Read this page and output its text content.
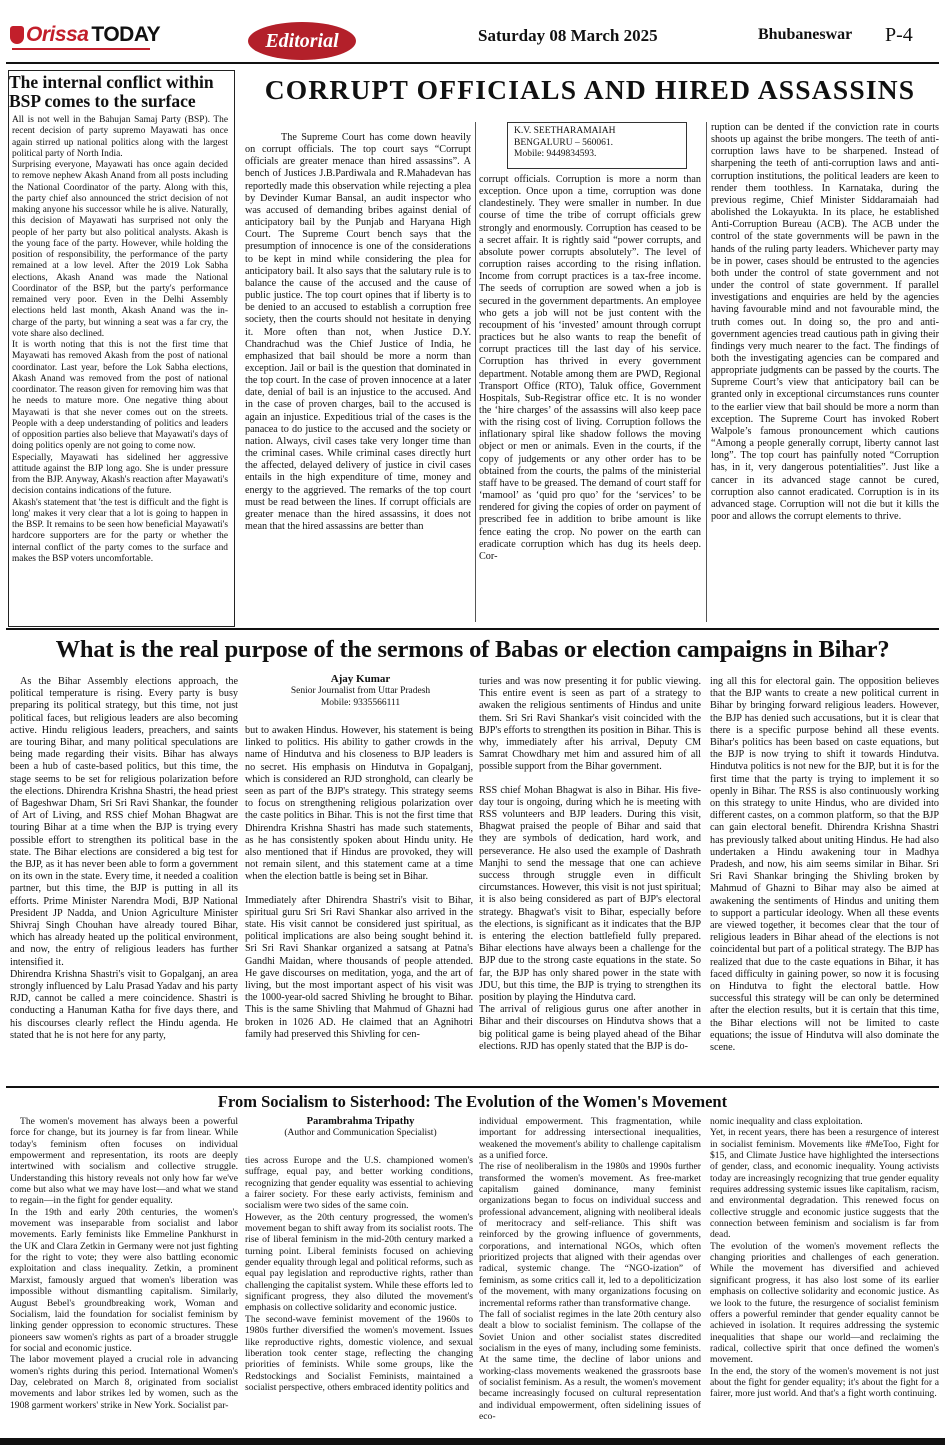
Orissa TODAY	Editorial	Saturday 08 March 2025	Bhubaneswar P-4
The internal conflict within BSP comes to the surface

All is not well in the Bahujan Samaj Party (BSP). The recent decision of party supremo Mayawati has once again stirred up national politics along with the largest political party of North India.

Surprising everyone, Mayawati has once again decided to remove nephew Akash Anand from all posts including the National Coordinator of the party. Along with this, the party chief also announced the strict decision of not making anyone his successor while he is alive. Naturally, this decision of Mayawati has surprised not only the people of her party but also political analysts. Akash is the young face of the party. However, while holding the position of responsibility, the performance of the party remained at a low level. After the 2019 Lok Sabha elections, Akash Anand was made the National Coordinator of the BSP, but the party's performance remained very poor. Even in the Delhi Assembly elections held last month, Akash Anand was the in-charge of the party, but winning a seat was a far cry, the vote share also declined.

It is worth noting that this is not the first time that Mayawati has removed Akash from the post of national coordinator. Last year, before the Lok Sabha elections, Akash Anand was removed from the post of national coordinator. The reason given for removing him was that he needs to mature more. One negative thing about Mayawati is that she never comes out on the streets. People with a deep understanding of politics and leaders of opposition parties also believe that Mayawati's days of doing politics openly are not going to come now.

Especially, Mayawati has sidelined her aggressive attitude against the BJP long ago. She is under pressure from the BJP. Anyway, Akash's reaction after Mayawati's decision contains indications of the future.

Akash's statement that 'the test is difficult and the fight is long' makes it very clear that a lot is going to happen in the BSP. It remains to be seen how beneficial Mayawati's hardcore supporters are for the party or whether the internal conflict of the party comes to the surface and makes the BSP voters uncomfortable.

CORRUPT OFFICIALS AND HIRED ASSASSINS
K.V. SEETHARAMAIAH
BENGALURU – 560061.
Mobile: 9449834593.

The Supreme Court has come down heavily on corrupt officials. The top court says “Corrupt officials are greater menace than hired assassins”. A bench of Justices J.B.Pardiwala and R.Mahadevan has reportedly made this observation while rejecting a plea by Devinder Kumar Bansal, an audit inspector who was accused of demanding bribes against denial of anticipatory bail by the Punjab and Haryana High Court. The Supreme Court bench says that the presumption of innocence is one of the considerations to be kept in mind while considering the plea for anticipatory bail. It also says that the salutary rule is to balance the cause of the accused and the cause of public justice. The top court opines that if liberty is to be denied to an accused to establish a corruption free society, then the courts should not hesitate in denying it. More often than not, when Justice D.Y. Chandrachud was the Chief Justice of India, he emphasized that bail should be more a norm than exception. Jail or bail is the question that dominated in the top court. In the case of proven innocence at a later date, denial of bail is an injustice to the accused. And in the case of proven charges, bail to the accused is again an injustice. Expeditious trial of the cases is the panacea to do justice to the accused and the society or nation. Always, civil cases take very longer time than the criminal cases. While criminal cases directly hurt the affected, delayed delivery of justice in civil cases entails in the high expenditure of time, money and energy to the aggrieved. The remarks of the top court must be read between the lines. If corrupt officials are greater menace than the hired assassins, it does not mean that the hired assassins are better than

corrupt officials. Corruption is more a norm than exception. Once upon a time, corruption was done clandestinely. They were smaller in number. In due course of time the tribe of corrupt officials grew strongly and enormously. Corruption has ceased to be a secret affair. It is rightly said “power corrupts, and absolute power corrupts absolutely”. The level of corruption raises according to the rising inflation. Income from corrupt practices is a tax-free income. The seeds of corruption are sowed when a job is secured in the government departments. An employee who gets a job will not be just content with the recoupment of his ‘invested’ amount through corrupt practices but he also wants to reap the benefit of corrupt practices till the last day of his service. Corruption has thrived in every government department. Notable among them are PWD, Regional Transport Office (RTO), Taluk office, Government Hospitals, Sub-Registrar office etc. It is no wonder the ‘hire charges’ of the assassins will also keep pace with the rising cost of living. Corruption follows the inflationary spiral like shadow follows the moving object or men or animals. Even in the courts, if the copy of judgements or any other order has to be obtained from the courts, the palms of the ministerial staff have to be greased. The demand of court staff for ‘mamool’ as ‘quid pro quo’ for the ‘services’ to be rendered for giving the copies of order on payment of prescribed fee in addition to bribe amount is like fence eating the crop. No power on the earth can eradicate corruption which has dug its heels deep. Cor-

ruption can be dented if the conviction rate in courts shoots up against the bribe mongers. The teeth of anti-corruption laws have to be sharpened. Instead of sharpening the teeth of anti-corruption laws and anti-corruption institutions, the political leaders are keen to render them toothless. In Karnataka, during the previous regime, Chief Minister Siddaramaiah had abolished the Lokayukta. In its place, he established Anti-Corruption Bureau (ACB). The ACB under the control of the state governments will be pawn in the hands of the ruling party leaders. Whichever party may be in power, cases should be entrusted to the agencies both under the control of state government and not under the control of state government. If parallel investigations and enquiries are held by the agencies having favourable mind and not favourable mind, the truth comes out. In doing so, the pro and anti-government agencies tread cautious path in giving their findings very much nearer to the fact. The findings of both the investigating agencies can be compared and appropriate judgments can be passed by the courts. The Supreme Court’s view that anticipatory bail can be granted only in exceptional circumstances runs counter to the earlier view that bail should be more a norm than exception. The Supreme Court has invoked Robert Walpole’s famous pronouncement which cautions “Among a people generally corrupt, liberty cannot last long”. The top court has painfully noted “Corruption has, in it, very dangerous potentialities”. Just like a cancer in its advanced stage cannot be cured, corruption also cannot eradicated. Corruption is in its advanced stage. Corruption will not die but it kills the poor and allows the corrupt elements to thrive.

What is the real purpose of the sermons of Babas or election campaigns in Bihar?
Ajay Kumar
Senior Journalist from Uttar Pradesh
Mobile: 9335566111

As the Bihar Assembly elections approach, the political temperature is rising. Every party is busy preparing its political strategy, but this time, not just political faces, but religious leaders are also becoming active. Hindu religious leaders, preachers, and saints are touring Bihar, and many political speculations are being made regarding their visits. Bihar has always been a hub of caste-based politics, but this time, the stage seems to be set for religious polarization before the elections. Dhirendra Krishna Shastri, the head priest of Bageshwar Dham, Sri Sri Ravi Shankar, the founder of Art of Living, and RSS chief Mohan Bhagwat are touring Bihar at a time when the BJP is trying every possible effort to strengthen its political base in the state. The Bihar elections are considered a big test for the BJP, as it has never been able to form a government on its own in the state. Every time, it needed a coalition partner, but this time, the BJP is putting in all its efforts. Prime Minister Narendra Modi, BJP National President JP Nadda, and Union Agriculture Minister Shivraj Singh Chouhan have already toured Bihar, which has already heated up the political environment, and now, the entry of religious leaders has further intensified it.

Dhirendra Krishna Shastri's visit to Gopalganj, an area strongly influenced by Lalu Prasad Yadav and his party RJD, cannot be called a mere coincidence. Shastri is conducting a Hanuman Katha for five days there, and his discourses clearly reflect the Hindu agenda. He stated that he is not here for any party,

but to awaken Hindus. However, his statement is being linked to politics. His ability to gather crowds in the name of Hindutva and his closeness to BJP leaders is no secret. His emphasis on Hindutva in Gopalganj, which is considered an RJD stronghold, can clearly be seen as part of the BJP's strategy. This strategy seems to focus on strengthening religious polarization over the caste politics in Bihar. This is not the first time that Dhirendra Krishna Shastri has made such statements, as he has consistently spoken about Hindu unity. He also mentioned that if Hindus are provoked, they will not remain silent, and this statement came at a time when the election battle is being set in Bihar.

Immediately after Dhirendra Shastri's visit to Bihar, spiritual guru Sri Sri Ravi Shankar also arrived in the state. His visit cannot be considered just spiritual, as political implications are also being sought behind it. Sri Sri Ravi Shankar organized a satsang at Patna's Gandhi Maidan, where thousands of people attended. He gave discourses on meditation, yoga, and the art of living, but the most important aspect of his visit was the 1000-year-old sacred Shivling he brought to Bihar. This is the same Shivling that Mahmud of Ghazni had broken in 1026 AD. He claimed that an Agnihotri family had preserved this Shivling for cen-

turies and was now presenting it for public viewing. This entire event is seen as part of a strategy to awaken the religious sentiments of Hindus and unite them. Sri Sri Ravi Shankar's visit coincided with the BJP's efforts to strengthen its position in Bihar. This is why, immediately after his arrival, Deputy CM Samrat Chowdhary met him and assured him of all possible support from the Bihar government.

RSS chief Mohan Bhagwat is also in Bihar. His five-day tour is ongoing, during which he is meeting with RSS volunteers and BJP leaders. During this visit, Bhagwat praised the people of Bihar and said that they are symbols of dedication, hard work, and perseverance. He also used the example of Dashrath Manjhi to send the message that one can achieve success through struggle even in difficult circumstances. However, this visit is not just spiritual; it is also being considered as part of BJP's electoral strategy. Bhagwat's visit to Bihar, especially before the elections, is significant as it indicates that the BJP is entering the election battlefield fully prepared. Bihar elections have always been a challenge for the BJP due to the strong caste equations in the state. So far, the BJP has only shared power in the state with JDU, but this time, the BJP is trying to strengthen its position by playing the Hindutva card.

The arrival of religious gurus one after another in Bihar and their discourses on Hindutva shows that a big political game is being played ahead of the Bihar elections. RJD has openly stated that the BJP is do-

ing all this for electoral gain. The opposition believes that the BJP wants to create a new political current in Bihar by bringing forward religious leaders. However, the BJP has denied such accusations, but it is clear that there is a specific purpose behind all these events. Bihar's politics has been based on caste equations, but the BJP is now trying to shift it towards Hindutva. Hindutva politics is not new for the BJP, but it is for the first time that the party is trying to implement it so openly in Bihar. The RSS is also continuously working on this strategy to unite Hindus, who are divided into different castes, on a common platform, so that the BJP can gain electoral benefit. Dhirendra Krishna Shastri has previously talked about uniting Hindus. He had also undertaken a Hindu awakening tour in Madhya Pradesh, and now, his aim seems similar in Bihar. Sri Sri Ravi Shankar bringing the Shivling broken by Mahmud of Ghazni to Bihar may also be aimed at awakening the sentiments of Hindus and uniting them to support a particular ideology. When all these events are viewed together, it becomes clear that the tour of religious leaders in Bihar ahead of the elections is not coincidental but part of a political strategy. The BJP has realized that due to the caste equations in Bihar, it has faced difficulty in gaining power, so now it is focusing on Hindutva to fight the electoral battle. How successful this strategy will be can only be determined after the election results, but it is certain that this time, the Bihar elections will not be limited to caste equations; the issue of Hindutva will also dominate the scene.

From Socialism to Sisterhood: The Evolution of the Women's Movement
Parambrahma Tripathy
(Author and Communication Specialist)

The women's movement has always been a powerful force for change, but its journey is far from linear. While today's feminism often focuses on individual empowerment and representation, its roots are deeply intertwined with socialism and collective struggle. Understanding this history reveals not only how far we've come but also what we may have lost—and what we stand to regain—in the fight for gender equality.

In the 19th and early 20th centuries, the women's movement was inseparable from socialist and labor movements. Early feminists like Emmeline Pankhurst in the UK and Clara Zetkin in Germany were not just fighting for the right to vote; they were also battling economic exploitation and class inequality. Zetkin, a prominent Marxist, famously argued that women's liberation was impossible without dismantling capitalism. Similarly, August Bebel's groundbreaking work, Woman and Socialism, laid the foundation for socialist feminism by linking gender oppression to economic structures. These pioneers saw women's rights as part of a broader struggle for social and economic justice.

The labor movement played a crucial role in advancing women's rights during this period. International Women's Day, celebrated on March 8, originated from socialist movements and labor strikes led by women, such as the 1908 garment workers' strike in New York. Socialist par-

ties across Europe and the U.S. championed women's suffrage, equal pay, and better working conditions, recognizing that gender equality was essential to achieving a fairer society. For these early activists, feminism and socialism were two sides of the same coin.

However, as the 20th century progressed, the women's movement began to shift away from its socialist roots. The rise of liberal feminism in the mid-20th century marked a turning point. Liberal feminists focused on achieving gender equality through legal and political reforms, such as equal pay legislation and reproductive rights, rather than challenging the capitalist system. While these efforts led to significant progress, they also diluted the movement's emphasis on collective solidarity and economic justice.

The second-wave feminist movement of the 1960s to 1980s further diversified the women's movement. Issues like reproductive rights, domestic violence, and sexual liberation took center stage, reflecting the changing priorities of feminists. While some groups, like the Redstockings and Socialist Feminists, maintained a socialist perspective, others embraced identity politics and

individual empowerment. This fragmentation, while important for addressing intersectional inequalities, weakened the movement's ability to challenge capitalism as a unified force.

The rise of neoliberalism in the 1980s and 1990s further transformed the women's movement. As free-market capitalism gained dominance, many feminist organizations began to focus on individual success and professional advancement, aligning with neoliberal ideals of meritocracy and self-reliance. This shift was reinforced by the growing influence of governments, corporations, and international NGOs, which often prioritized projects that aligned with their agendas over radical, systemic change. The “NGO-ization” of feminism, as some critics call it, led to a depoliticization of the movement, with many organizations focusing on incremental reforms rather than transformative change.

The fall of socialist regimes in the late 20th century also dealt a blow to socialist feminism. The collapse of the Soviet Union and other socialist states discredited socialism in the eyes of many, including some feminists. At the same time, the decline of labor unions and working-class movements weakened the grassroots base of socialist feminism. As a result, the women's movement became increasingly focused on cultural representation and individual empowerment, often sidelining issues of eco-

nomic inequality and class exploitation.

Yet, in recent years, there has been a resurgence of interest in socialist feminism. Movements like #MeToo, Fight for $15, and Climate Justice have highlighted the intersections of gender, class, and economic inequality. Young activists today are increasingly recognizing that true gender equality requires addressing systemic issues like capitalism, racism, and environmental degradation. This renewed focus on collective struggle and economic justice suggests that the connection between feminism and socialism is far from dead.

The evolution of the women's movement reflects the changing priorities and challenges of each generation. While the movement has diversified and achieved significant progress, it has also lost some of its earlier emphasis on collective solidarity and economic justice. As we look to the future, the resurgence of socialist feminism offers a powerful reminder that gender equality cannot be achieved in isolation. It requires addressing the systemic inequalities that shape our world—and reclaiming the radical, collective spirit that once defined the women's movement.

In the end, the story of the women's movement is not just about the fight for gender equality; it's about the fight for a fairer, more just world. And that's a fight worth continuing.
